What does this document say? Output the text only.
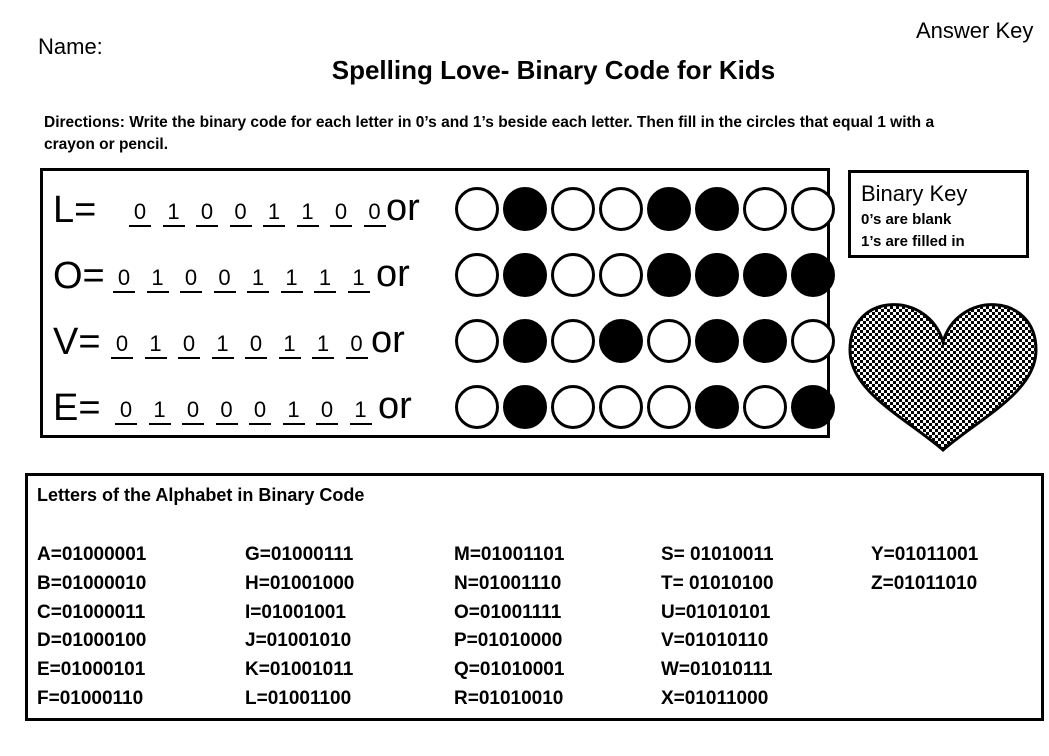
Name:
Answer Key
Spelling Love- Binary Code for Kids
Directions: Write the binary code for each letter in 0’s and 1’s beside each letter. Then fill in the circles that equal 1 with a crayon or pencil.
L= 0 1 0 0 1 1 0 0 or
O= 0 1 0 0 1 1 1 1 or
V= 0 1 0 1 0 1 1 0 or
E= 0 1 0 0 0 1 0 1 or
Binary Key
0’s are blank
1’s are filled in
Letters of the Alphabet in Binary Code
A=01000001
B=01000010
C=01000011
D=01000100
E=01000101
F=01000110
G=01000111
H=01001000
I=01001001
J=01001010
K=01001011
L=01001100
M=01001101
N=01001110
O=01001111
P=01010000
Q=01010001
R=01010010
S= 01010011
T= 01010100
U=01010101
V=01010110
W=01010111
X=01011000
Y=01011001
Z=01011010
